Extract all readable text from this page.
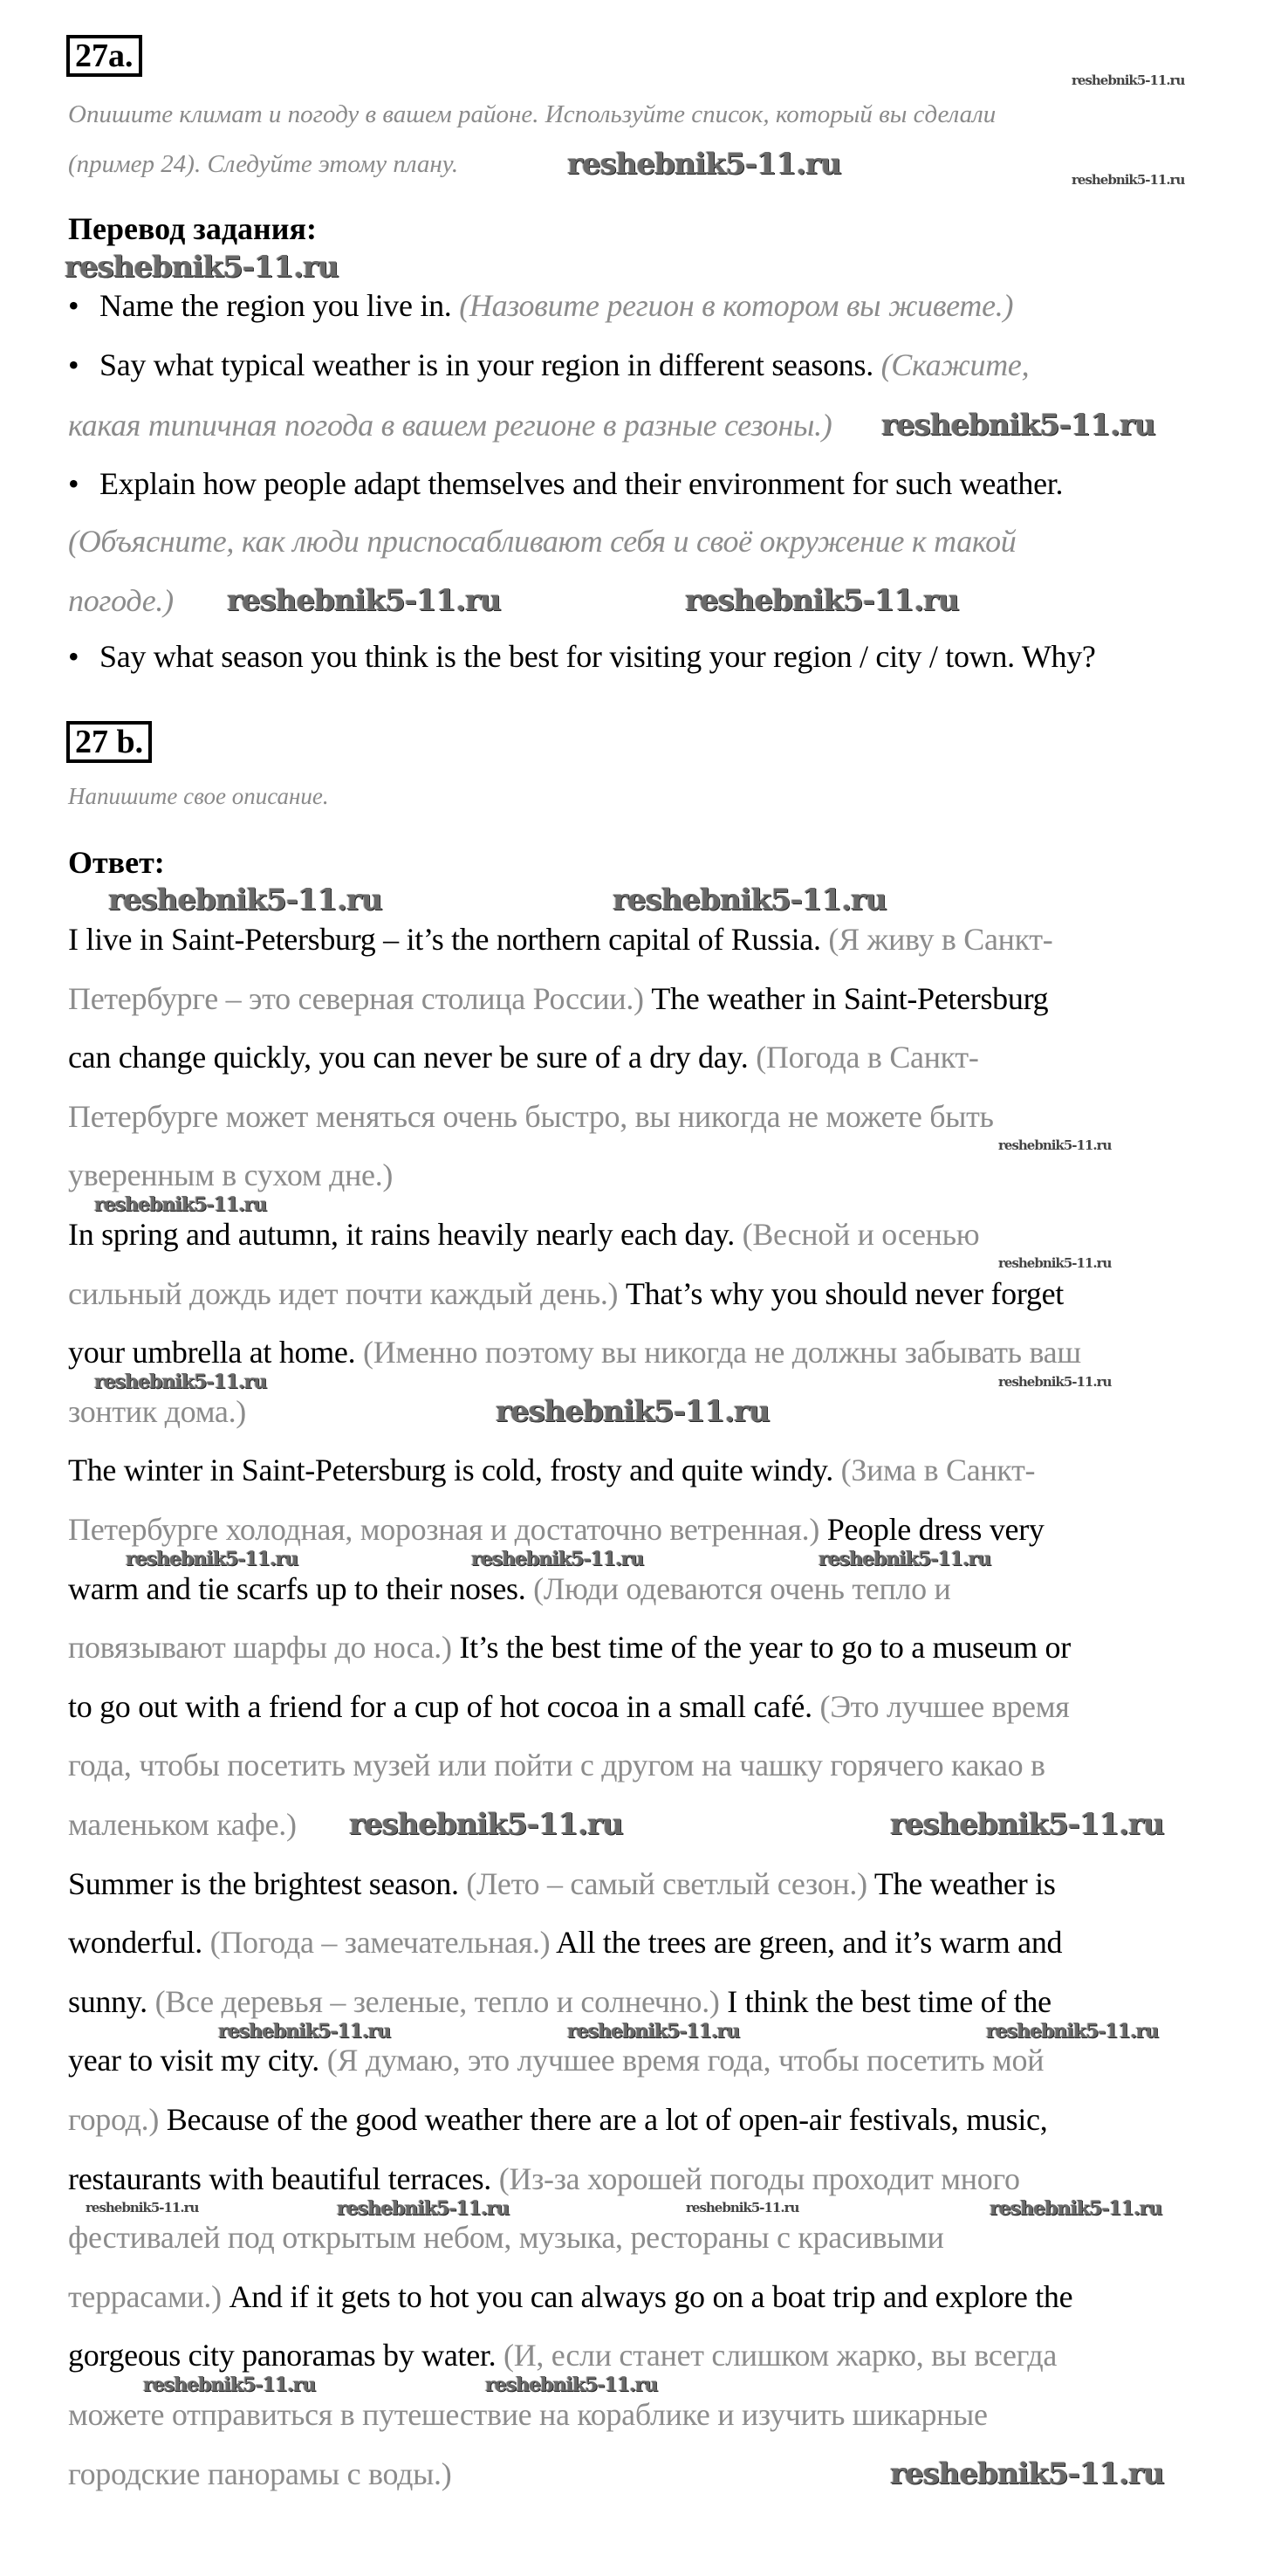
27a.
Опишите климат и погоду в вашем районе. Используйте список, который вы сделали
(пример 24). Следуйте этому плану.
Перевод задания:
• Name the region you live in. (Назовите регион в котором вы живете.)
• Say what typical weather is in your region in different seasons. (Скажите,
какая типичная погода в вашем регионе в разные сезоны.)
• Explain how people adapt themselves and their environment for such weather.
(Объясните, как люди приспосабливают себя и своё окружение к такой
погоде.)
• Say what season you think is the best for visiting your region / city / town. Why?
27 b.
Напишите свое описание.
Ответ:
I live in Saint-Petersburg – it’s the northern capital of Russia. (Я живу в Санкт-
Петербурге – это северная столица России.) The weather in Saint-Petersburg
can change quickly, you can never be sure of a dry day. (Погода в Санкт-
Петербурге может меняться очень быстро, вы никогда не можете быть
уверенным в сухом дне.)
In spring and autumn, it rains heavily nearly each day. (Весной и осенью
сильный дождь идет почти каждый день.) That’s why you should never forget
your umbrella at home. (Именно поэтому вы никогда не должны забывать ваш
зонтик дома.)
The winter in Saint-Petersburg is cold, frosty and quite windy. (Зима в Санкт-
Петербурге холодная, морозная и достаточно ветренная.) People dress very
warm and tie scarfs up to their noses. (Люди одеваются очень тепло и
повязывают шарфы до носа.) It’s the best time of the year to go to a museum or
to go out with a friend for a cup of hot cocoa in a small café. (Это лучшее время
года, чтобы посетить музей или пойти с другом на чашку горячего какао в
маленьком кафе.)
Summer is the brightest season. (Лето – самый светлый сезон.) The weather is
wonderful. (Погода – замечательная.) All the trees are green, and it’s warm and
sunny. (Все деревья – зеленые, тепло и солнечно.) I think the best time of the
year to visit my city. (Я думаю, это лучшее время года, чтобы посетить мой
город.) Because of the good weather there are a lot of open-air festivals, music,
restaurants with beautiful terraces. (Из-за хорошей погоды проходит много
фестивалей под открытым небом, музыка, рестораны с красивыми
террасами.) And if it gets to hot you can always go on a boat trip and explore the
gorgeous city panoramas by water. (И, если станет слишком жарко, вы всегда
можете отправиться в путешествие на кораблике и изучить шикарные
городские панорамы с воды.)
reshebnik5-11.ru
reshebnik5-11.ru
reshebnik5-11.ru
reshebnik5-11.ru
reshebnik5-11.ru
reshebnik5-11.ru	reshebnik5-11.ru
reshebnik5-11.ru	reshebnik5-11.ru
reshebnik5-11.ru
reshebnik5-11.ru
reshebnik5-11.ru
reshebnik5-11.ru
reshebnik5-11.ru	reshebnik5-11.ru
reshebnik5-11.ru	reshebnik5-11.ru	reshebnik5-11.ru
reshebnik5-11.ru	reshebnik5-11.ru
reshebnik5-11.ru	reshebnik5-11.ru	reshebnik5-11.ru
reshebnik5-11.ru	reshebnik5-11.ru	reshebnik5-11.ru	reshebnik5-11.ru
reshebnik5-11.ru	reshebnik5-11.ru
reshebnik5-11.ru
